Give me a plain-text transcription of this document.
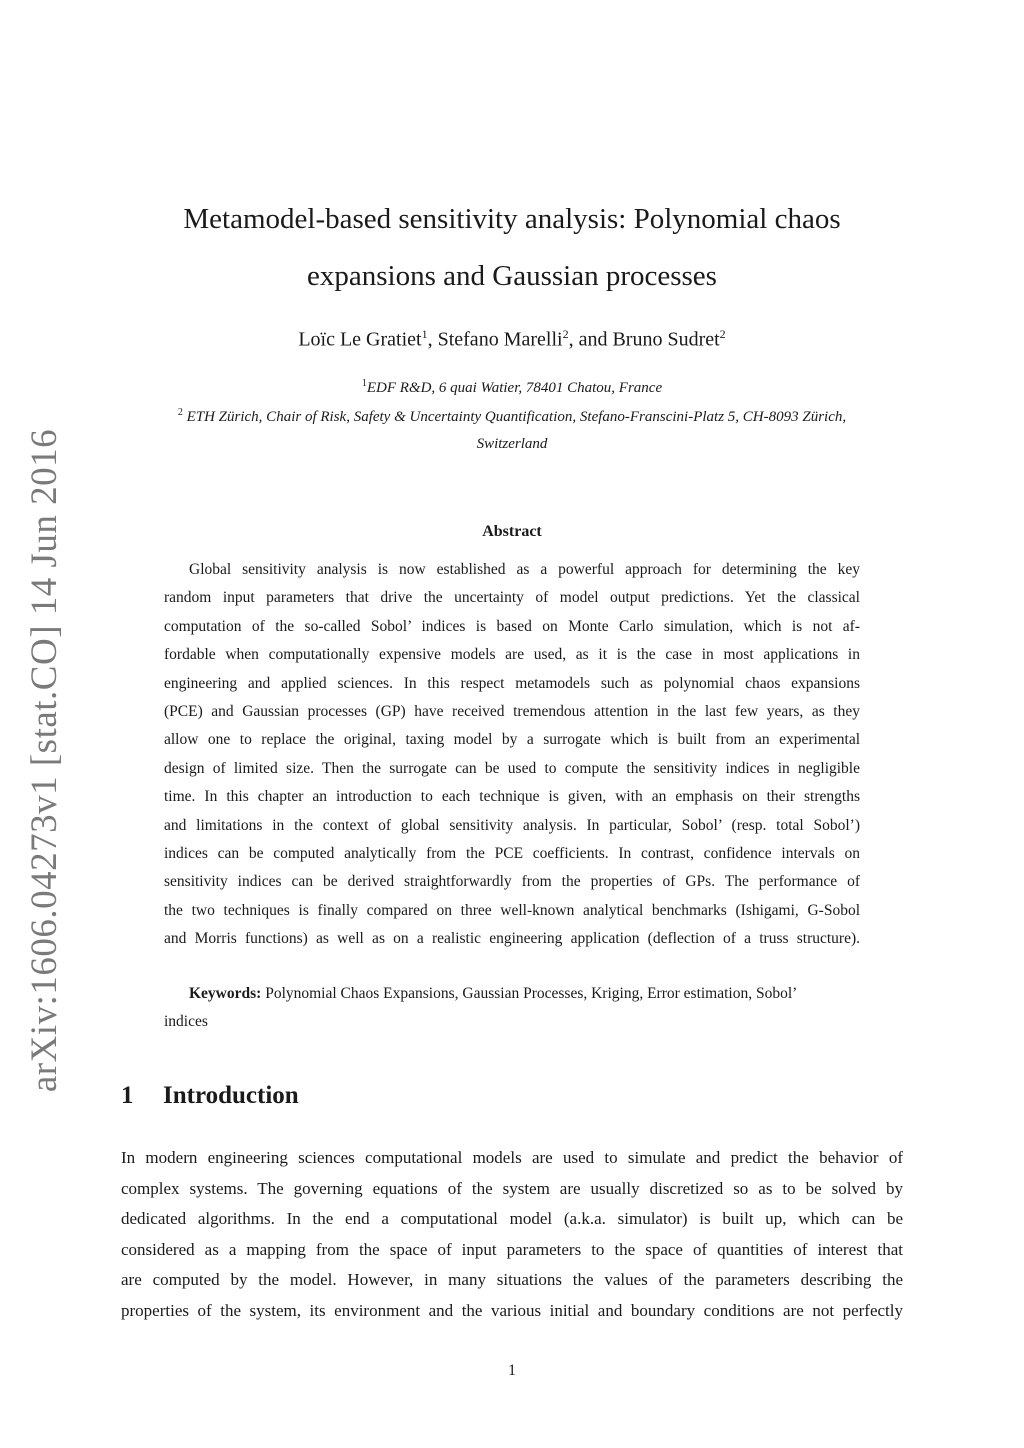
arXiv:1606.04273v1 [stat.CO] 14 Jun 2016
Metamodel-based sensitivity analysis: Polynomial chaos
expansions and Gaussian processes
Loïc Le Gratiet$^1$, Stefano Marelli$^2$, and Bruno Sudret$^2$
$^1$EDF R&D, 6 quai Watier, 78401 Chatou, France
$^2$ ETH Zürich, Chair of Risk, Safety & Uncertainty Quantification, Stefano-Franscini-Platz 5, CH-8093 Zürich,
Switzerland
Abstract
Global sensitivity analysis is now established as a powerful approach for determining the key
random input parameters that drive the uncertainty of model output predictions. Yet the classical
computation of the so-called Sobol’ indices is based on Monte Carlo simulation, which is not af-
fordable when computationally expensive models are used, as it is the case in most applications in
engineering and applied sciences. In this respect metamodels such as polynomial chaos expansions
(PCE) and Gaussian processes (GP) have received tremendous attention in the last few years, as they
allow one to replace the original, taxing model by a surrogate which is built from an experimental
design of limited size. Then the surrogate can be used to compute the sensitivity indices in negligible
time. In this chapter an introduction to each technique is given, with an emphasis on their strengths
and limitations in the context of global sensitivity analysis. In particular, Sobol’ (resp. total Sobol’)
indices can be computed analytically from the PCE coefficients. In contrast, confidence intervals on
sensitivity indices can be derived straightforwardly from the properties of GPs. The performance of
the two techniques is finally compared on three well-known analytical benchmarks (Ishigami, G-Sobol
and Morris functions) as well as on a realistic engineering application (deflection of a truss structure).
Keywords: Polynomial Chaos Expansions, Gaussian Processes, Kriging, Error estimation, Sobol’
indices
1 Introduction
In modern engineering sciences computational models are used to simulate and predict the behavior of
complex systems. The governing equations of the system are usually discretized so as to be solved by
dedicated algorithms. In the end a computational model (a.k.a. simulator) is built up, which can be
considered as a mapping from the space of input parameters to the space of quantities of interest that
are computed by the model. However, in many situations the values of the parameters describing the
properties of the system, its environment and the various initial and boundary conditions are not perfectly
1
